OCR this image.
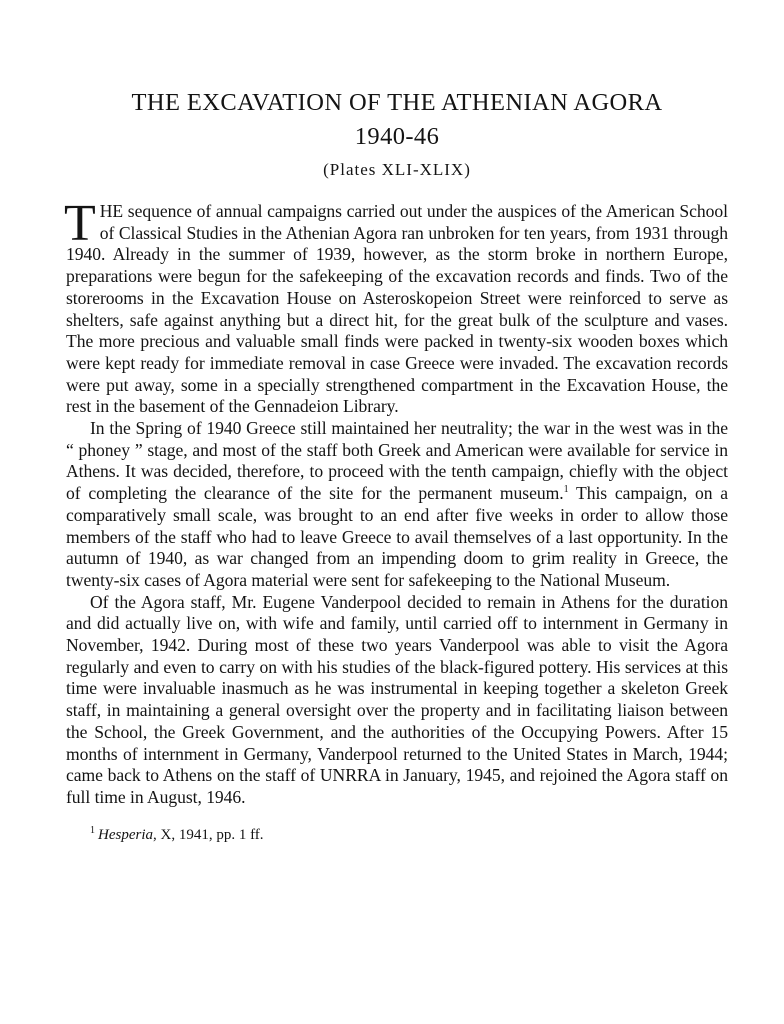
THE EXCAVATION OF THE ATHENIAN AGORA
1940-46
(Plates XLI-XLIX)

THE sequence of annual campaigns carried out under the auspices of the American School of Classical Studies in the Athenian Agora ran unbroken for ten years, from 1931 through 1940. Already in the summer of 1939, however, as the storm broke in northern Europe, preparations were begun for the safekeeping of the excavation records and finds. Two of the storerooms in the Excavation House on Asteroskopeion Street were reinforced to serve as shelters, safe against anything but a direct hit, for the great bulk of the sculpture and vases. The more precious and valuable small finds were packed in twenty-six wooden boxes which were kept ready for immediate removal in case Greece were invaded. The excavation records were put away, some in a specially strengthened compartment in the Excavation House, the rest in the basement of the Gennadeion Library.

In the Spring of 1940 Greece still maintained her neutrality; the war in the west was in the “ phoney ” stage, and most of the staff both Greek and American were available for service in Athens. It was decided, therefore, to proceed with the tenth campaign, chiefly with the object of completing the clearance of the site for the permanent museum.$^1$ This campaign, on a comparatively small scale, was brought to an end after five weeks in order to allow those members of the staff who had to leave Greece to avail themselves of a last opportunity. In the autumn of 1940, as war changed from an impending doom to grim reality in Greece, the twenty-six cases of Agora material were sent for safekeeping to the National Museum.

Of the Agora staff, Mr. Eugene Vanderpool decided to remain in Athens for the duration and did actually live on, with wife and family, until carried off to internment in Germany in November, 1942. During most of these two years Vanderpool was able to visit the Agora regularly and even to carry on with his studies of the black-figured pottery. His services at this time were invaluable inasmuch as he was instrumental in keeping together a skeleton Greek staff, in maintaining a general oversight over the property and in facilitating liaison between the School, the Greek Government, and the authorities of the Occupying Powers. After 15 months of internment in Germany, Vanderpool returned to the United States in March, 1944; came back to Athens on the staff of UNRRA in January, 1945, and rejoined the Agora staff on full time in August, 1946.

$^1$ Hesperia, X, 1941, pp. 1 ff.
